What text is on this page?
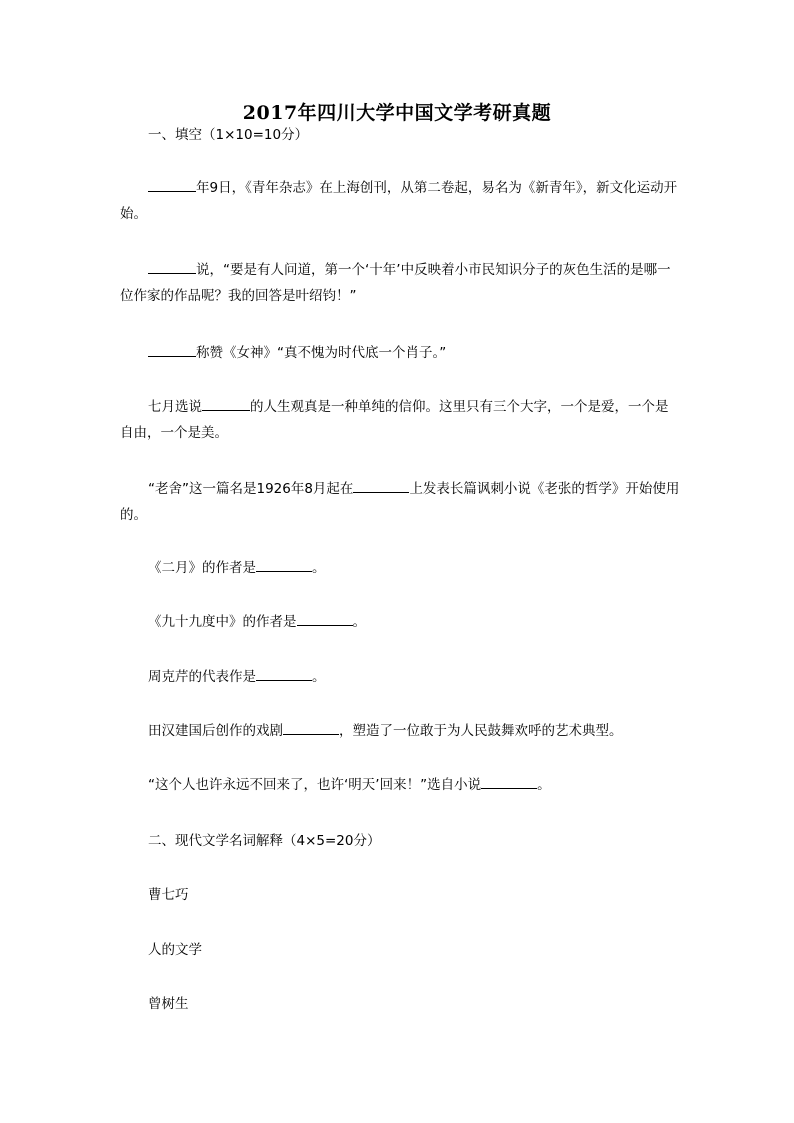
2017年四川大学中国文学考研真题
一、填空（1×10=10分）
年9日，《青年杂志》在上海创刊，从第二卷起，易名为《新青年》，新文化运动开始。
说，“要是有人问道，第一个‘十年’中反映着小市民知识分子的灰色生活的是哪一位作家的作品呢？我的回答是叶绍钧！”
称赞《女神》“真不愧为时代底一个肖子。”
七月选说	的人生观真是一种单纯的信仰。这里只有三个大字，一个是爱，一个是自由，一个是美。
“老舍”这一篇名是1926年8月起在	上发表长篇讽刺小说《老张的哲学》开始使用的。
《二月》的作者是	。
《九十九度中》的作者是	。
周克芹的代表作是	。
田汉建国后创作的戏剧	，塑造了一位敢于为人民鼓舞欢呼的艺术典型。
“这个人也许永远不回来了，也许‘明天’回来！”选自小说	。
二、现代文学名词解释（4×5=20分）
曹七巧
人的文学
曾树生
